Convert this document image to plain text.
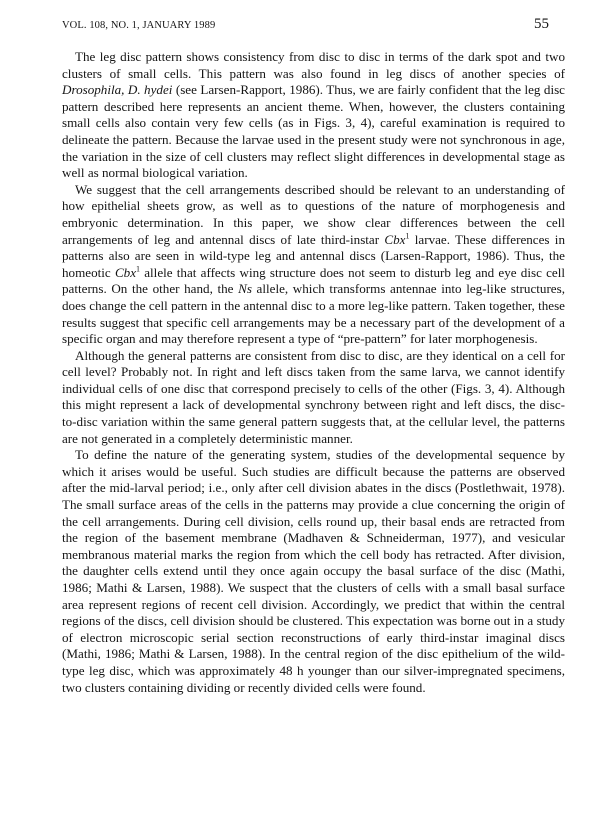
VOL. 108, NO. 1, JANUARY 1989	55

The leg disc pattern shows consistency from disc to disc in terms of the dark spot and two clusters of small cells. This pattern was also found in leg discs of another species of Drosophila, D. hydei (see Larsen-Rapport, 1986). Thus, we are fairly confident that the leg disc pattern described here represents an ancient theme. When, however, the clusters containing small cells also contain very few cells (as in Figs. 3, 4), careful examination is required to delineate the pattern. Because the larvae used in the present study were not synchronous in age, the variation in the size of cell clusters may reflect slight differences in developmental stage as well as normal biological variation.

We suggest that the cell arrangements described should be relevant to an understanding of how epithelial sheets grow, as well as to questions of the nature of morphogenesis and embryonic determination. In this paper, we show clear differences between the cell arrangements of leg and antennal discs of late third-instar Cbx$^1$ larvae. These differences in patterns also are seen in wild-type leg and antennal discs (Larsen-Rapport, 1986). Thus, the homeotic Cbx$^1$ allele that affects wing structure does not seem to disturb leg and eye disc cell patterns. On the other hand, the Ns allele, which transforms antennae into leg-like structures, does change the cell pattern in the antennal disc to a more leg-like pattern. Taken together, these results suggest that specific cell arrangements may be a necessary part of the development of a specific organ and may therefore represent a type of “pre-pattern” for later morphogenesis.

Although the general patterns are consistent from disc to disc, are they identical on a cell for cell level? Probably not. In right and left discs taken from the same larva, we cannot identify individual cells of one disc that correspond precisely to cells of the other (Figs. 3, 4). Although this might represent a lack of developmental synchrony between right and left discs, the disc-to-disc variation within the same general pattern suggests that, at the cellular level, the patterns are not generated in a completely deterministic manner.

To define the nature of the generating system, studies of the developmental sequence by which it arises would be useful. Such studies are difficult because the patterns are observed after the mid-larval period; i.e., only after cell division abates in the discs (Postlethwait, 1978). The small surface areas of the cells in the patterns may provide a clue concerning the origin of the cell arrangements. During cell division, cells round up, their basal ends are retracted from the region of the basement membrane (Madhaven & Schneiderman, 1977), and vesicular membranous material marks the region from which the cell body has retracted. After division, the daughter cells extend until they once again occupy the basal surface of the disc (Mathi, 1986; Mathi & Larsen, 1988). We suspect that the clusters of cells with a small basal surface area represent regions of recent cell division. Accordingly, we predict that within the central regions of the discs, cell division should be clustered. This expectation was borne out in a study of electron microscopic serial section reconstructions of early third-instar imaginal discs (Mathi, 1986; Mathi & Larsen, 1988). In the central region of the disc epithelium of the wild-type leg disc, which was approximately 48 h younger than our silver-impregnated specimens, two clusters containing dividing or recently divided cells were found.
